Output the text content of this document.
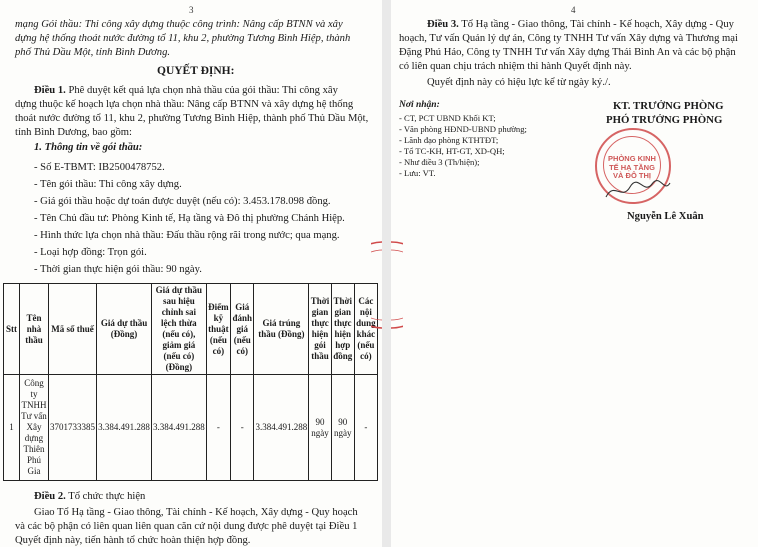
3
mạng Gói thầu: Thi công xây dựng thuộc công trình: Nâng cấp BTNN và xây
dựng hệ thống thoát nước đường tổ 11, khu 2, phường Tương Bình Hiệp, thành
phố Thủ Dầu Một, tỉnh Bình Dương.
QUYẾT ĐỊNH:
Điều 1. Phê duyệt kết quả lựa chọn nhà thầu của gói thầu: Thi công xây
dựng thuộc kế hoạch lựa chọn nhà thầu: Nâng cấp BTNN và xây dựng hệ thống
thoát nước đường tổ 11, khu 2, phường Tương Bình Hiệp, thành phố Thủ Dầu Một,
tỉnh Bình Dương, bao gồm:
1. Thông tin về gói thầu:
- Số E-TBMT: IB2500478752.
- Tên gói thầu: Thi công xây dựng.
- Giá gói thầu hoặc dự toán được duyệt (nếu có): 3.453.178.098 đồng.
- Tên Chủ đầu tư: Phòng Kinh tế, Hạ tầng và Đô thị phường Chánh Hiệp.
- Hình thức lựa chọn nhà thầu: Đấu thầu rộng rãi trong nước; qua mạng.
- Loại hợp đồng: Trọn gói.
- Thời gian thực hiện gói thầu: 90 ngày.
Stt	Tên nhà thầu	Mã số thuế	Giá dự thầu (Đồng)	Giá dự thầu sau hiệu chỉnh sai lệch thừa (nếu có), giảm giá (nếu có) (Đồng)	Điểm kỹ thuật (nếu có)	Giá đánh giá (nếu có)	Giá trúng thầu (Đồng)	Thời gian thực hiện gói thầu	Thời gian thực hiện hợp đồng	Các nội dung khác (nếu có)
1	Công ty TNHH Tư vấn Xây dựng Thiên Phú Gia	3701733385	3.384.491.288	3.384.491.288	-	-	3.384.491.288	90 ngày	90 ngày	-
Điều 2. Tổ chức thực hiện
Giao Tổ Hạ tầng - Giao thông, Tài chính - Kế hoạch, Xây dựng - Quy hoạch
và các bộ phận có liên quan liên quan căn cứ nội dung được phê duyệt tại Điều 1
Quyết định này, tiến hành tổ chức hoàn thiện hợp đồng.
4
Điều 3. Tổ Hạ tầng - Giao thông, Tài chính - Kế hoạch, Xây dựng - Quy
hoạch, Tư vấn Quản lý dự án, Công ty TNHH Tư vấn Xây dựng và Thương mại
Đặng Phú Hảo, Công ty TNHH Tư vấn Xây dựng Thái Bình An và các bộ phận
có liên quan chịu trách nhiệm thi hành Quyết định này.
Quyết định này có hiệu lực kể từ ngày ký./.
Nơi nhận:
- CT, PCT UBND Khối KT;
- Văn phòng HĐND-UBND phường;
- Lãnh đạo phòng KTHTĐT;
- Tổ TC-KH, HT-GT, XD-QH;
- Như điều 3 (Th/hiện);
- Lưu: VT.
KT. TRƯỞNG PHÒNG
PHÓ TRƯỞNG PHÒNG
Nguyễn Lê Xuân
PHÒNG KINH TẾ HẠ TẦNG VÀ ĐÔ THỊ
